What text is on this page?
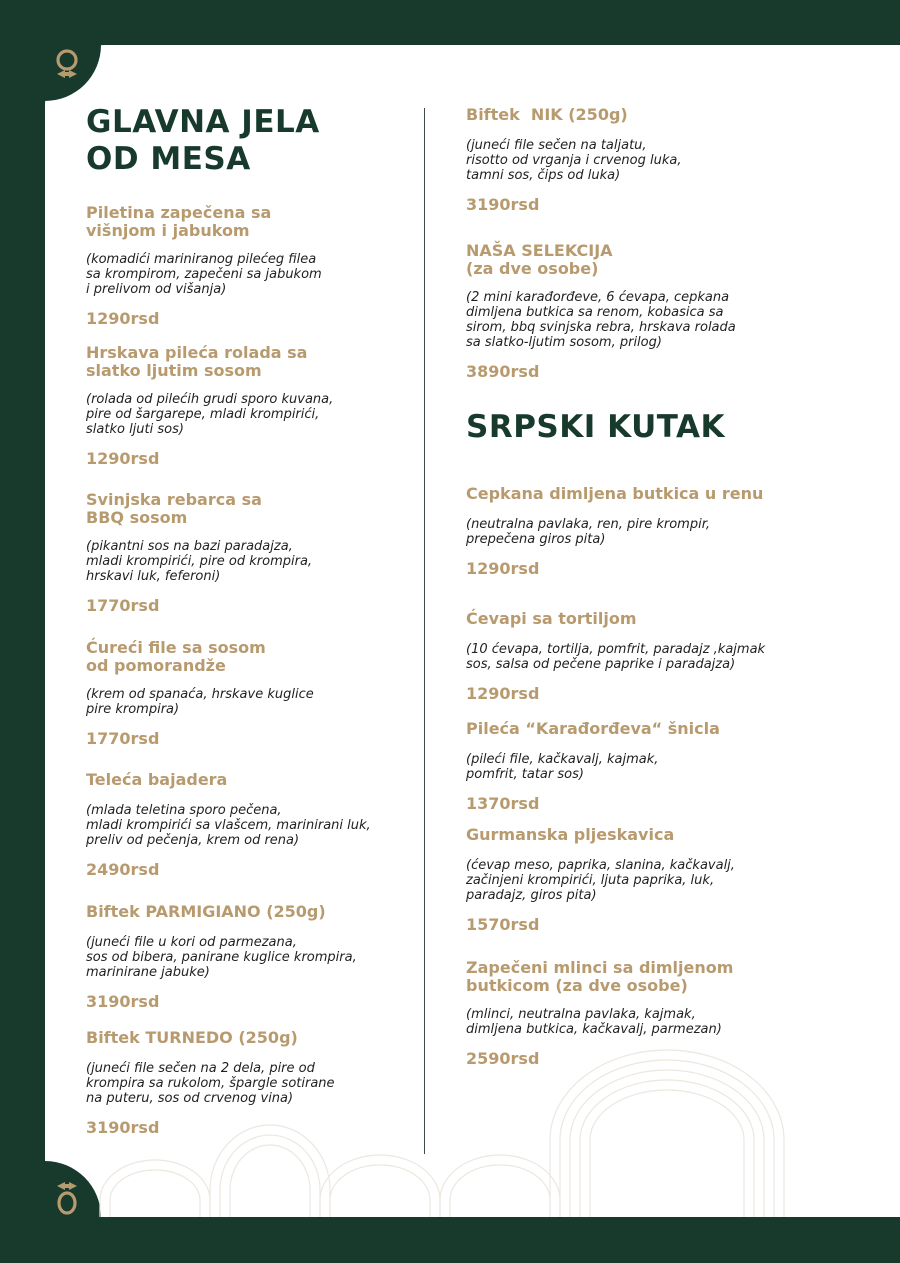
GLAVNA JELA
OD MESA
Piletina zapečena sa
višnjom i jabukom
(komadići mariniranog pilećeg filea
sa krompirom, zapečeni sa jabukom
i prelivom od višanja)
1290rsd
Hrskava pileća rolada sa
slatko ljutim sosom
(rolada od pilećih grudi sporo kuvana,
pire od šargarepe, mladi krompirići,
slatko ljuti sos)
1290rsd
Svinjska rebarca sa
BBQ sosom
(pikantni sos na bazi paradajza,
mladi krompirići, pire od krompira,
hrskavi luk, feferoni)
1770rsd
Ćureći file sa sosom
od pomorandže
(krem od spanaća, hrskave kuglice
pire krompira)
1770rsd
Teleća bajadera
(mlada teletina sporo pečena,
mladi krompirići sa vlašcem, marinirani luk,
preliv od pečenja, krem od rena)
2490rsd
Biftek PARMIGIANO (250g)
(juneći file u kori od parmezana,
sos od bibera, panirane kuglice krompira,
marinirane jabuke)
3190rsd
Biftek TURNEDO (250g)
(juneći file sečen na 2 dela, pire od
krompira sa rukolom, špargle sotirane
na puteru, sos od crvenog vina)
3190rsd
Biftek  NIK (250g)
(juneći file sečen na taljatu,
risotto od vrganja i crvenog luka,
tamni sos, čips od luka)
3190rsd
NAŠA SELEKCIJA
(za dve osobe)
(2 mini karađorđeve, 6 ćevapa, cepkana
dimljena butkica sa renom, kobasica sa
sirom, bbq svinjska rebra, hrskava rolada
sa slatko-ljutim sosom, prilog)
3890rsd
SRPSKI KUTAK
Cepkana dimljena butkica u renu
(neutralna pavlaka, ren, pire krompir,
prepečena giros pita)
1290rsd
Ćevapi sa tortiljom
(10 ćevapa, tortilja, pomfrit, paradajz ,kajmak
sos, salsa od pečene paprike i paradajza)
1290rsd
Pileća “Karađorđeva“ šnicla
(pileći file, kačkavalj, kajmak,
pomfrit, tatar sos)
1370rsd
Gurmanska pljeskavica
(ćevap meso, paprika, slanina, kačkavalj,
začinjeni krompirići, ljuta paprika, luk,
paradajz, giros pita)
1570rsd
Zapečeni mlinci sa dimljenom
butkicom (za dve osobe)
(mlinci, neutralna pavlaka, kajmak,
dimljena butkica, kačkavalj, parmezan)
2590rsd
